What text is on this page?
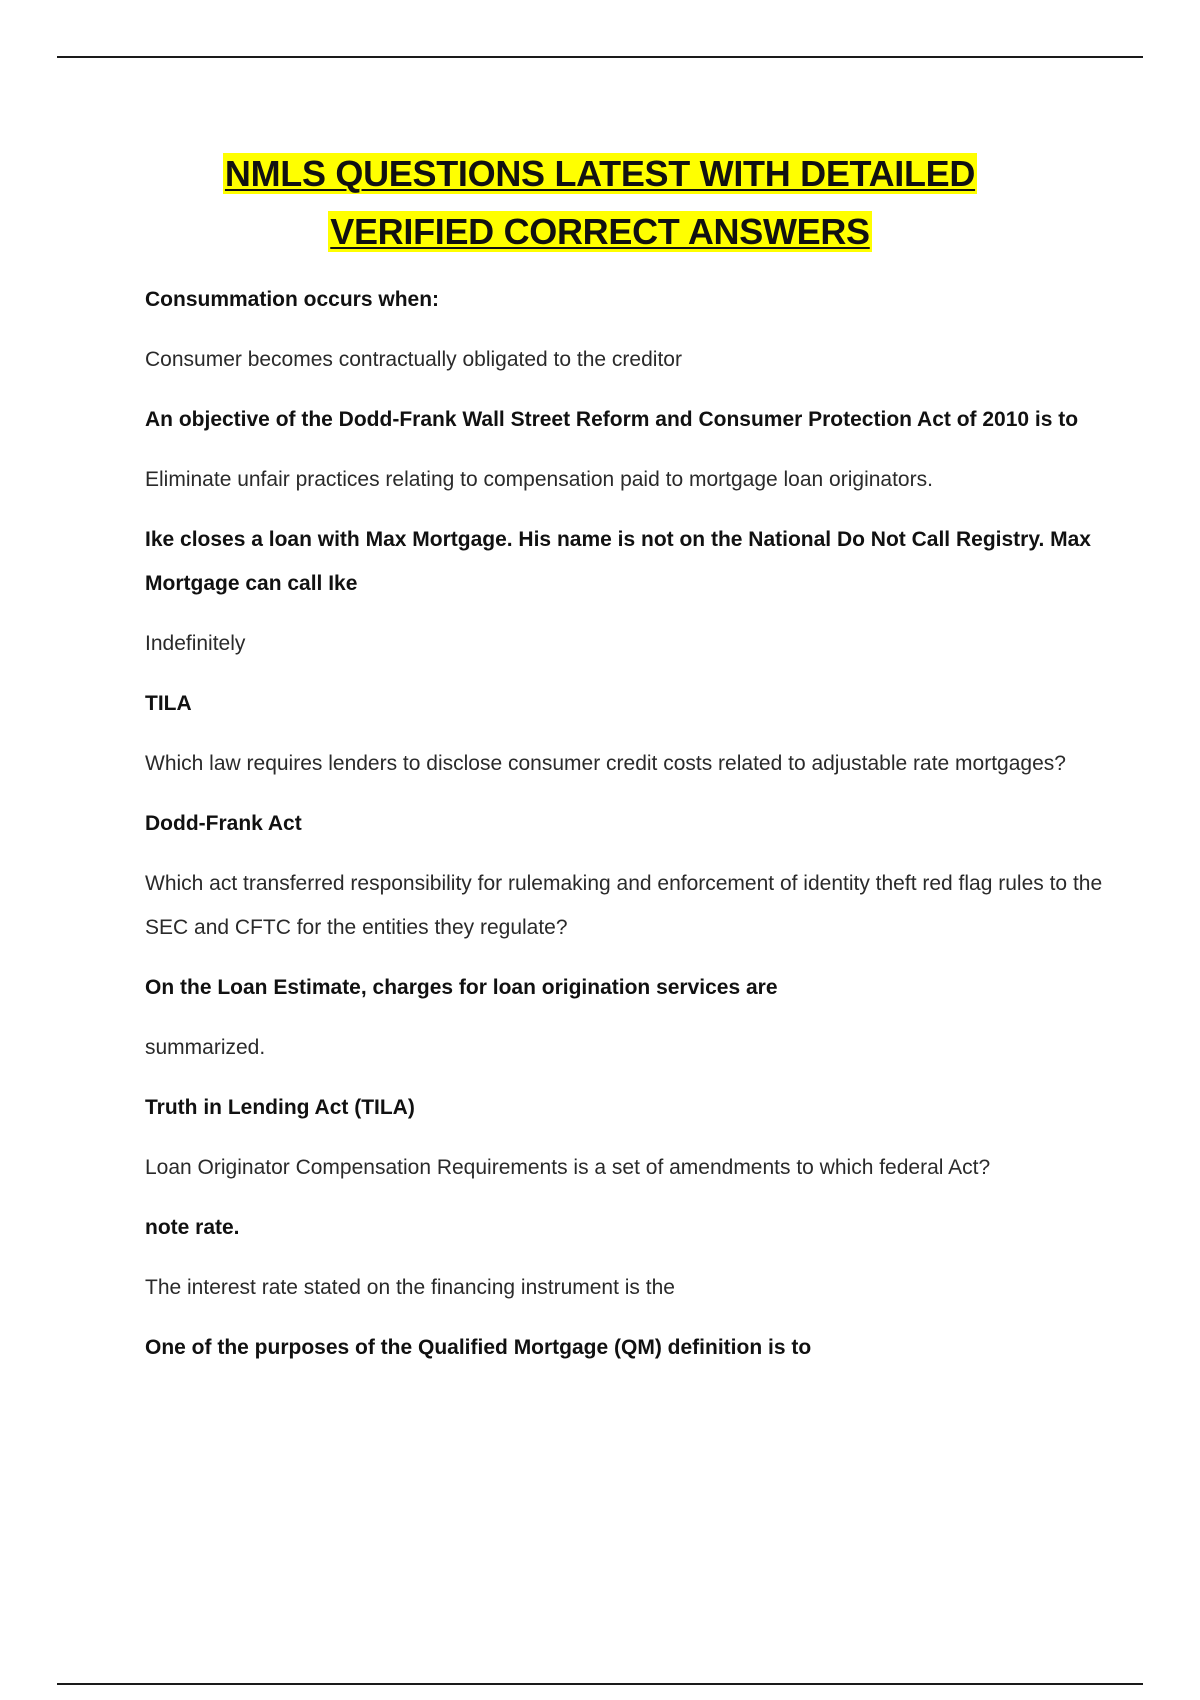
NMLS QUESTIONS LATEST WITH DETAILED
VERIFIED CORRECT ANSWERS

Consummation occurs when:

Consumer becomes contractually obligated to the creditor

An objective of the Dodd-Frank Wall Street Reform and Consumer Protection Act of 2010 is to

Eliminate unfair practices relating to compensation paid to mortgage loan originators.

Ike closes a loan with Max Mortgage. His name is not on the National Do Not Call Registry. Max Mortgage can call Ike

Indefinitely

TILA

Which law requires lenders to disclose consumer credit costs related to adjustable rate mortgages?

Dodd-Frank Act

Which act transferred responsibility for rulemaking and enforcement of identity theft red flag rules to the SEC and CFTC for the entities they regulate?

On the Loan Estimate, charges for loan origination services are

summarized.

Truth in Lending Act (TILA)

Loan Originator Compensation Requirements is a set of amendments to which federal Act?

note rate.

The interest rate stated on the financing instrument is the

One of the purposes of the Qualified Mortgage (QM) definition is to
